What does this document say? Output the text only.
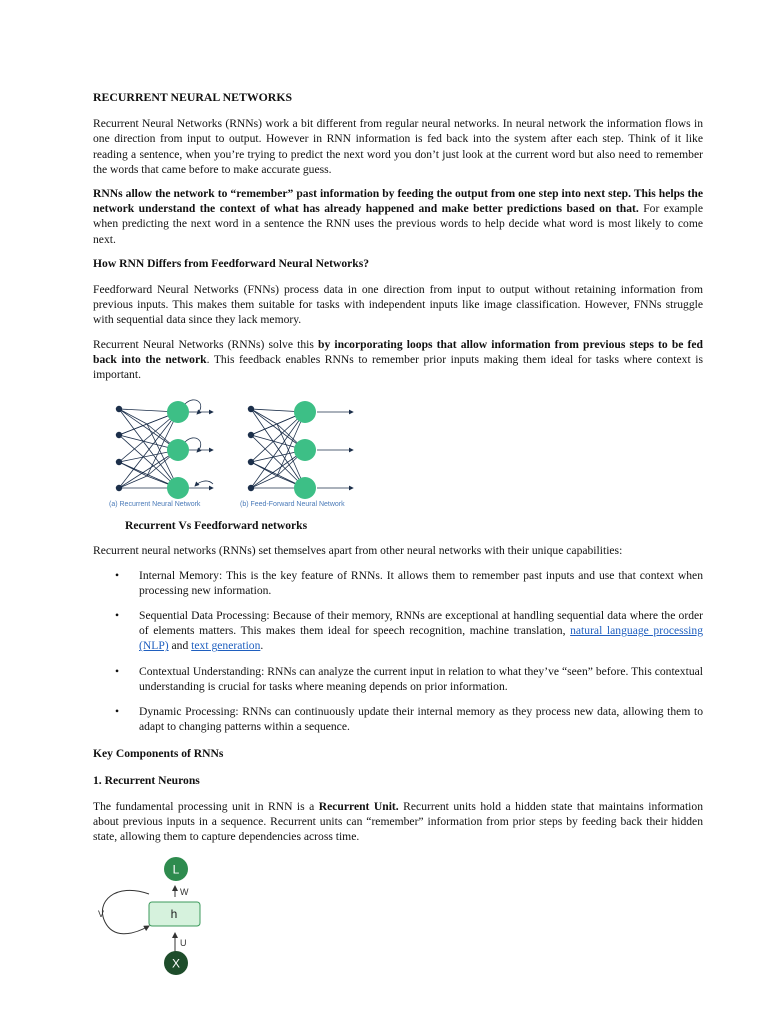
RECURRENT NEURAL NETWORKS

Recurrent Neural Networks (RNNs) work a bit different from regular neural networks. In neural network the information flows in one direction from input to output. However in RNN information is fed back into the system after each step. Think of it like reading a sentence, when you’re trying to predict the next word you don’t just look at the current word but also need to remember the words that came before to make accurate guess.

RNNs allow the network to “remember” past information by feeding the output from one step into next step. This helps the network understand the context of what has already happened and make better predictions based on that. For example when predicting the next word in a sentence the RNN uses the previous words to help decide what word is most likely to come next.

How RNN Differs from Feedforward Neural Networks?

Feedforward Neural Networks (FNNs) process data in one direction from input to output without retaining information from previous inputs. This makes them suitable for tasks with independent inputs like image classification. However, FNNs struggle with sequential data since they lack memory.

Recurrent Neural Networks (RNNs) solve this by incorporating loops that allow information from previous steps to be fed back into the network. This feedback enables RNNs to remember prior inputs making them ideal for tasks where context is important.

(a) Recurrent Neural Network	(b) Feed-Forward Neural Network
Recurrent Vs Feedforward networks

Recurrent neural networks (RNNs) set themselves apart from other neural networks with their unique capabilities:

• Internal Memory: This is the key feature of RNNs. It allows them to remember past inputs and use that context when processing new information.
• Sequential Data Processing: Because of their memory, RNNs are exceptional at handling sequential data where the order of elements matters. This makes them ideal for speech recognition, machine translation, natural language processing (NLP) and text generation.
• Contextual Understanding: RNNs can analyze the current input in relation to what they’ve “seen” before. This contextual understanding is crucial for tasks where meaning depends on prior information.
• Dynamic Processing: RNNs can continuously update their internal memory as they process new data, allowing them to adapt to changing patterns within a sequence.
Key Components of RNNs
1. Recurrent Neurons

The fundamental processing unit in RNN is a Recurrent Unit. Recurrent units hold a hidden state that maintains information about previous inputs in a sequence. Recurrent units can “remember” information from prior steps by feeding back their hidden state, allowing them to capture dependencies across time.

L
h
X
V
W
U
